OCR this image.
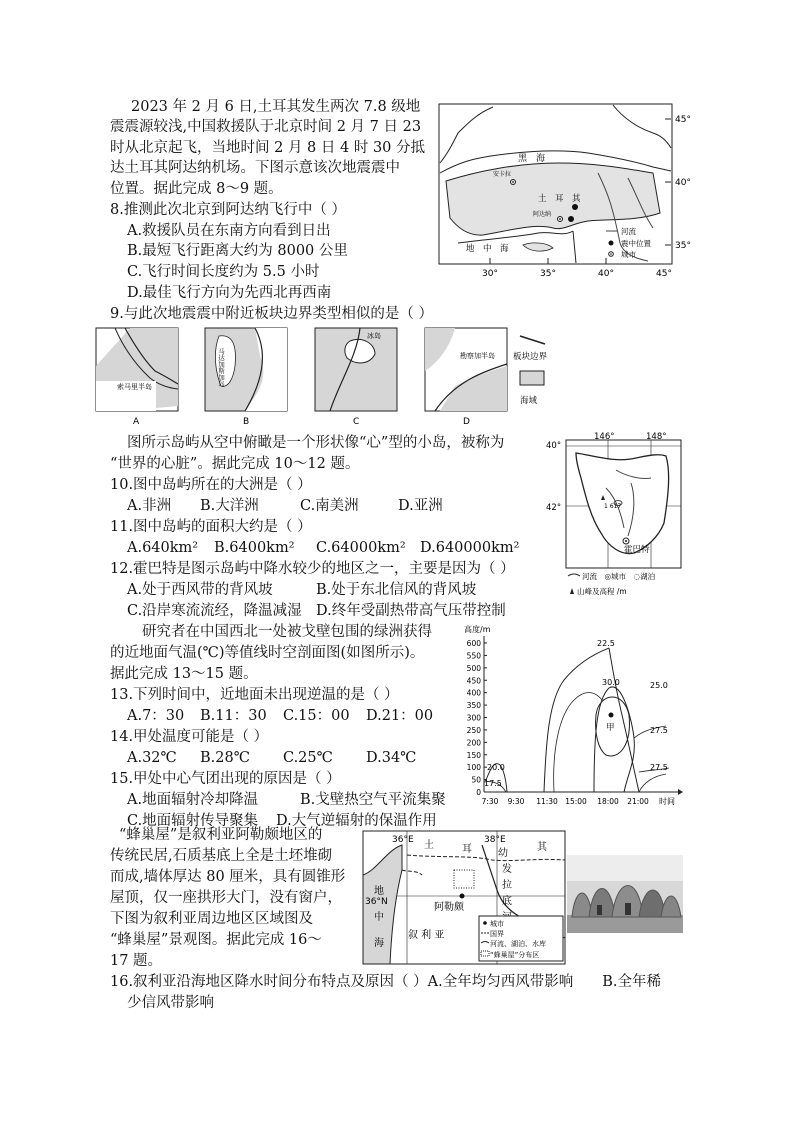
2023 年 2 月 6 日,土耳其发生两次 7.8 级地
震震源较浅,中国救援队于北京时间 2 月 7 日 23
时从北京起飞，当地时间 2 月 8 日 4 时 30 分抵
达土耳其阿达纳机场。下图示意该次地震震中
位置。据此完成 8～9 题。
8.推测此次北京到阿达纳飞行中（ ）
A.救援队员在东南方向看到日出
B.最短飞行距离大约为 8000 公里
C.飞行时间长度约为 5.5 小时
D.最佳飞行方向为先西北再西南
9.与此次地震震中附近板块边界类型相似的是（ ）
黑　海
土　耳　其
安卡拉
阿达纳
地　中　海
河流
震中位置
城市
45°
40°
35°
30°	35°	40°	45°
索马里半岛
A
马达加斯加岛
B
冰岛
C
勘察加半岛
D
板块边界
海域
图所示岛屿从空中俯瞰是一个形状像“心”型的小岛，被称为
“世界的心脏”。据此完成 10～12 题。
10.图中岛屿所在的大洲是（ ）
A.非洲 B.大洋洲	C.南美洲	D.亚洲
11.图中岛屿的面积大约是（ ）
A.640km² B.6400km² C.64000km² D.640000km²
12.霍巴特是图示岛屿中降水较少的地区之一，主要是因为（ ）
A.处于西风带的背风坡	B.处于东北信风的背风坡
C.沿岸寒流流经，降温减湿 D.终年受副热带高气压带控制
1 617
霍巴特
146°	148°
40°
42°
河流　◎城市　◌湖泊
山峰及高程 /m
研究者在中国西北一处被戈壁包围的绿洲获得
的近地面气温(℃)等值线时空剖面图(如图所示)。
据此完成 13～15 题。
13.下列时间中，近地面未出现逆温的是（ ）
A.7：30 B.11：30 C.15：00 D.21：00
14.甲处温度可能是（ ）
A.32℃ B.28℃ C.25℃ D.34℃
15.甲处中心气团出现的原因是（ ）
A.地面辐射冷却降温	B.戈壁热空气平流集聚
C.地面辐射传导聚集 D.大气逆辐射的保温作用
高度/m
时间
600
550
500
450
400
350
300
250
200
150
100
50
0
7:30 9:30 11:30 15:00 18:00 21:00
甲
22.5
30.0	25.0
27.5
27.5
20.0
17.5
“蜂巢屋”是叙利亚阿勒颇地区的
传统民居,石质基底上全是土坯堆砌
而成,墙体厚达 80 厘米，具有圆锥形
屋顶，仅一座拱形大门，没有窗户，
下图为叙利亚周边地区区域图及
“蜂巢屋”景观图。据此完成 16～
17 题。
16.叙利亚沿海地区降水时间分布特点及原因（ ）A.全年均匀西风带影响　　B.全年稀
少信风带影响
地
中
海
36°E	38°E
36°N
土	耳	其
幼
发
拉
底
阿勒颇
叙 利 亚
城市
国界
河流、湖泊、水库
“蜂巢屋”分布区
